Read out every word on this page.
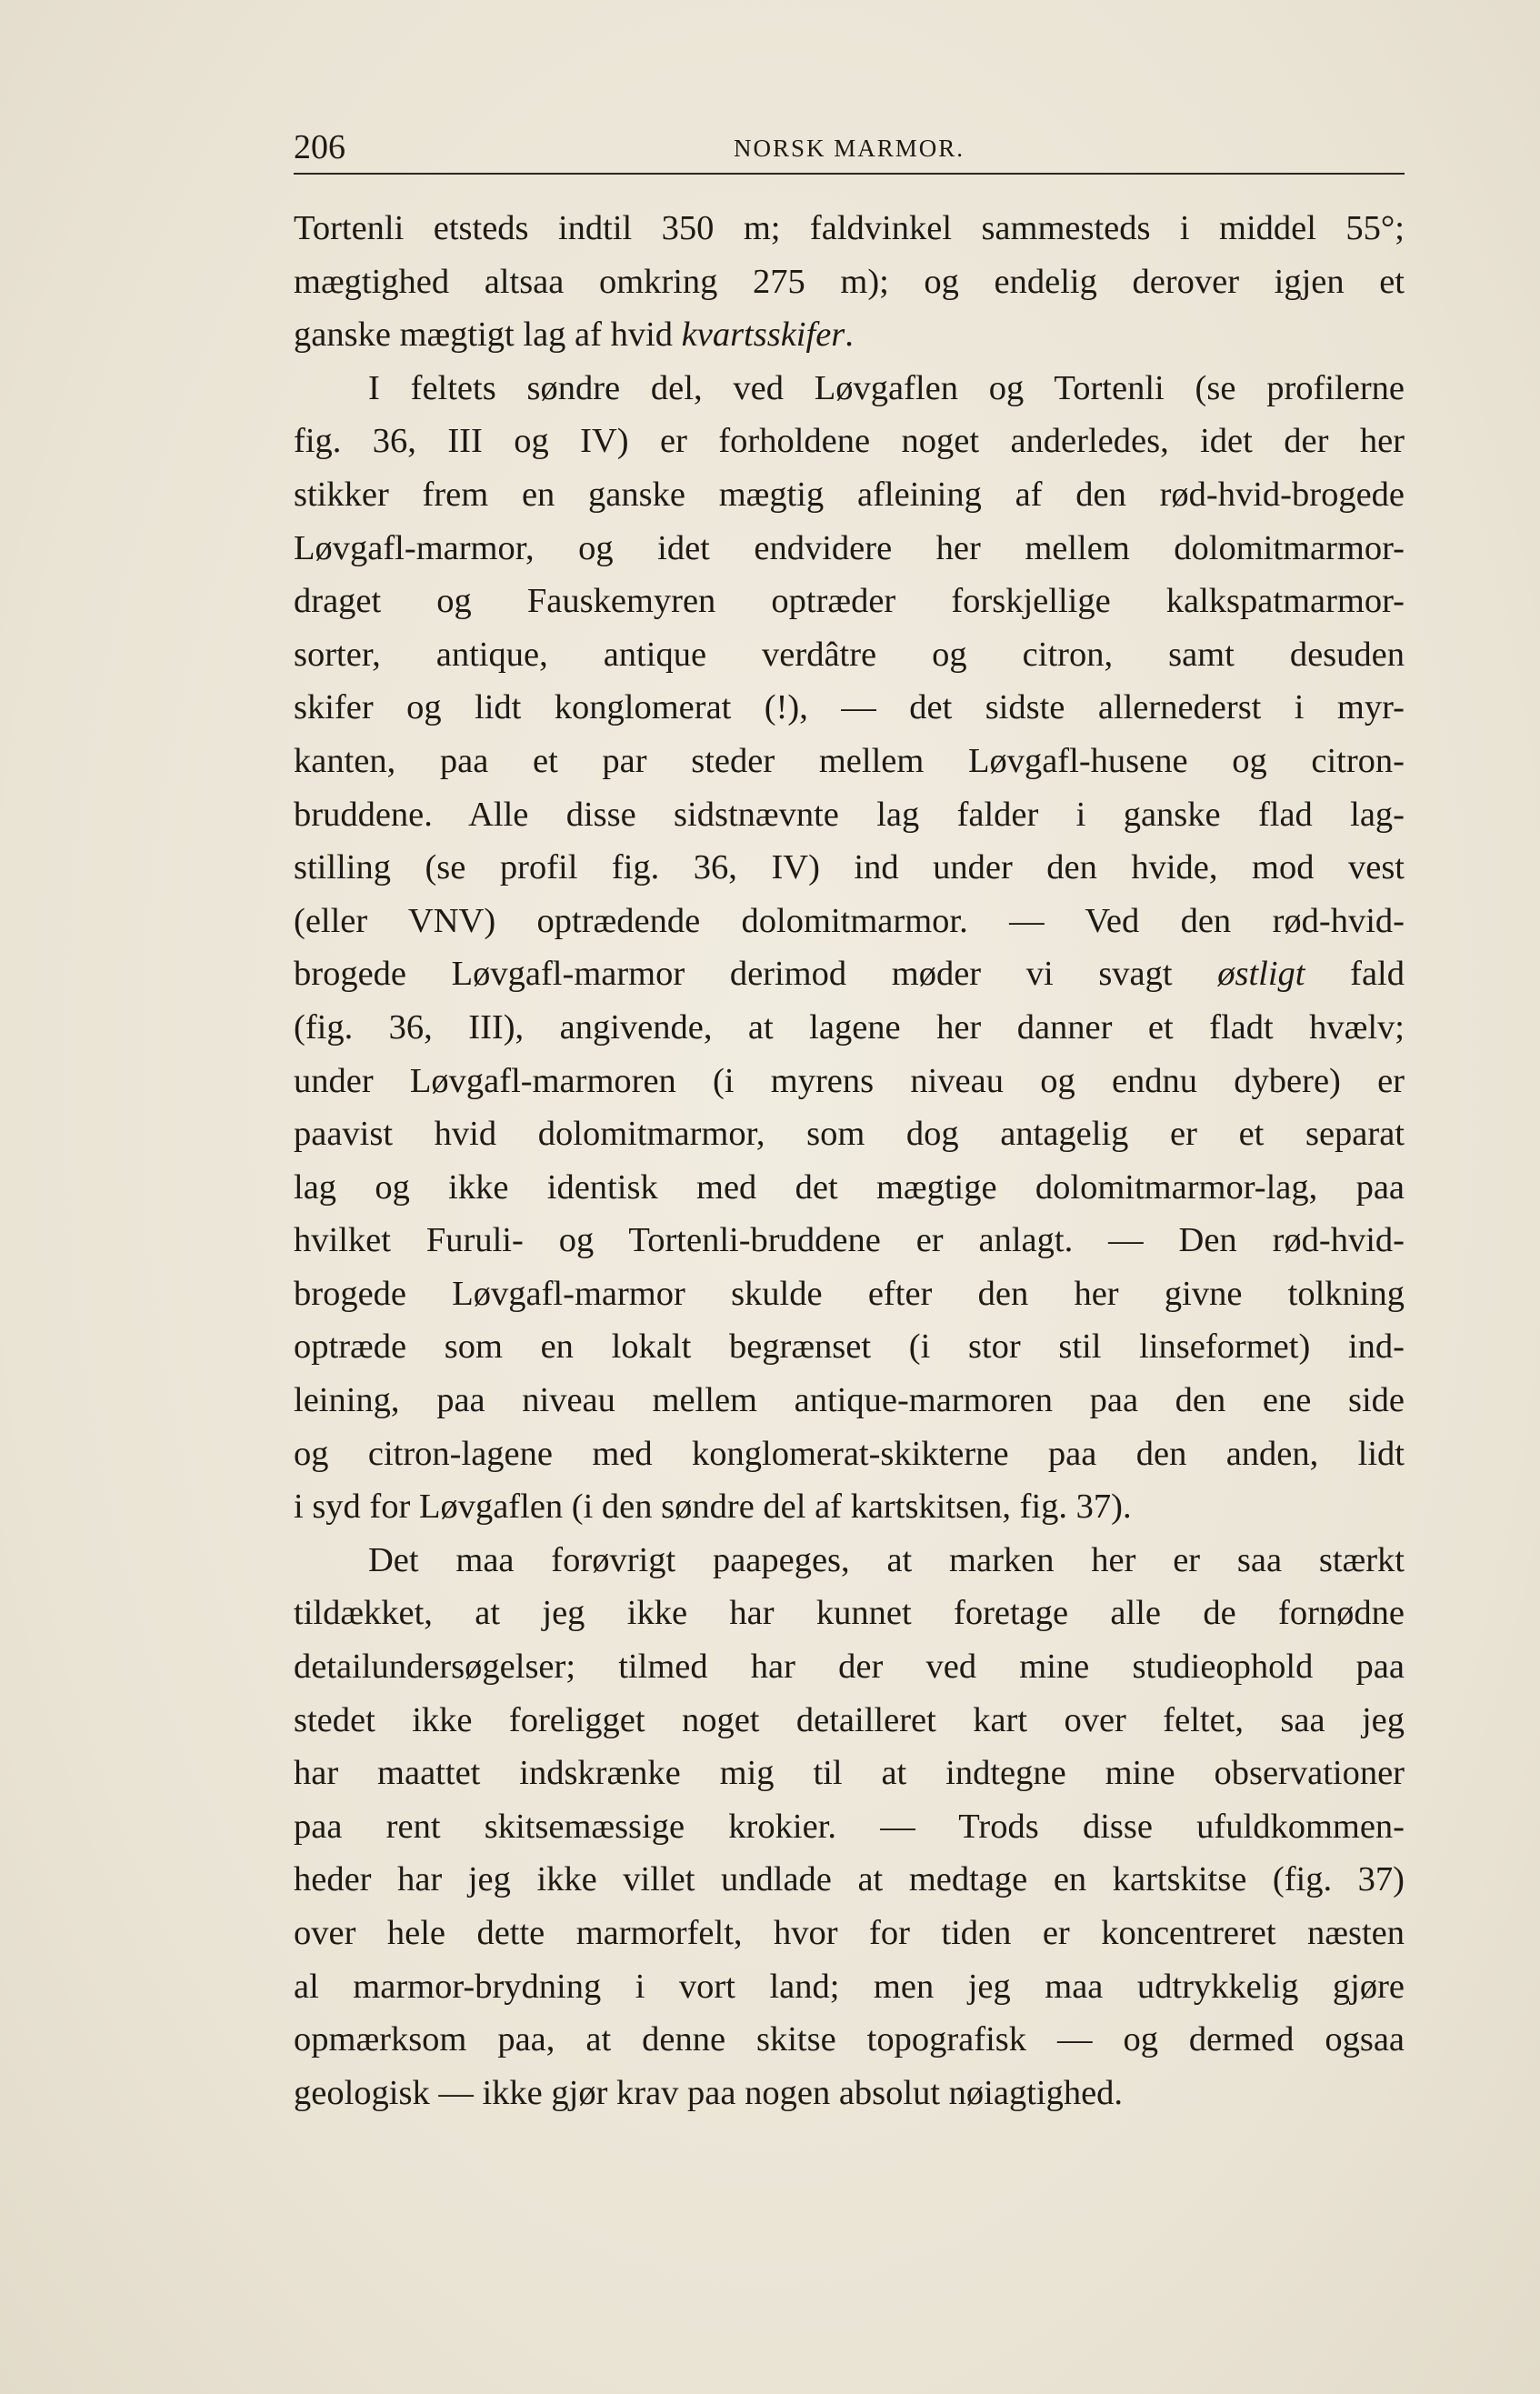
206	NORSK MARMOR.
Tortenli etsteds indtil 350 m; faldvinkel sammesteds i middel 55°;
mægtighed altsaa omkring 275 m); og endelig derover igjen et
ganske mægtigt lag af hvid kvartsskifer.
I feltets søndre del, ved Løvgaflen og Tortenli (se profilerne
fig. 36, III og IV) er forholdene noget anderledes, idet der her
stikker frem en ganske mægtig afleining af den rød-hvid-brogede
Løvgafl-marmor, og idet endvidere her mellem dolomitmarmor-
draget og Fauskemyren optræder forskjellige kalkspatmarmor-
sorter, antique, antique verdâtre og citron, samt desuden
skifer og lidt konglomerat (!), — det sidste allernederst i myr-
kanten, paa et par steder mellem Løvgafl-husene og citron-
bruddene. Alle disse sidstnævnte lag falder i ganske flad lag-
stilling (se profil fig. 36, IV) ind under den hvide, mod vest
(eller VNV) optrædende dolomitmarmor. — Ved den rød-hvid-
brogede Løvgafl-marmor derimod møder vi svagt østligt fald
(fig. 36, III), angivende, at lagene her danner et fladt hvælv;
under Løvgafl-marmoren (i myrens niveau og endnu dybere) er
paavist hvid dolomitmarmor, som dog antagelig er et separat
lag og ikke identisk med det mægtige dolomitmarmor-lag, paa
hvilket Furuli- og Tortenli-bruddene er anlagt. — Den rød-hvid-
brogede Løvgafl-marmor skulde efter den her givne tolkning
optræde som en lokalt begrænset (i stor stil linseformet) ind-
leining, paa niveau mellem antique-marmoren paa den ene side
og citron-lagene med konglomerat-skikterne paa den anden, lidt
i syd for Løvgaflen (i den søndre del af kartskitsen, fig. 37).
Det maa forøvrigt paapeges, at marken her er saa stærkt
tildækket, at jeg ikke har kunnet foretage alle de fornødne
detailundersøgelser; tilmed har der ved mine studieophold paa
stedet ikke foreligget noget detailleret kart over feltet, saa jeg
har maattet indskrænke mig til at indtegne mine observationer
paa rent skitsemæssige krokier. — Trods disse ufuldkommen-
heder har jeg ikke villet undlade at medtage en kartskitse (fig. 37)
over hele dette marmorfelt, hvor for tiden er koncentreret næsten
al marmor-brydning i vort land; men jeg maa udtrykkelig gjøre
opmærksom paa, at denne skitse topografisk — og dermed ogsaa
geologisk — ikke gjør krav paa nogen absolut nøiagtighed.
